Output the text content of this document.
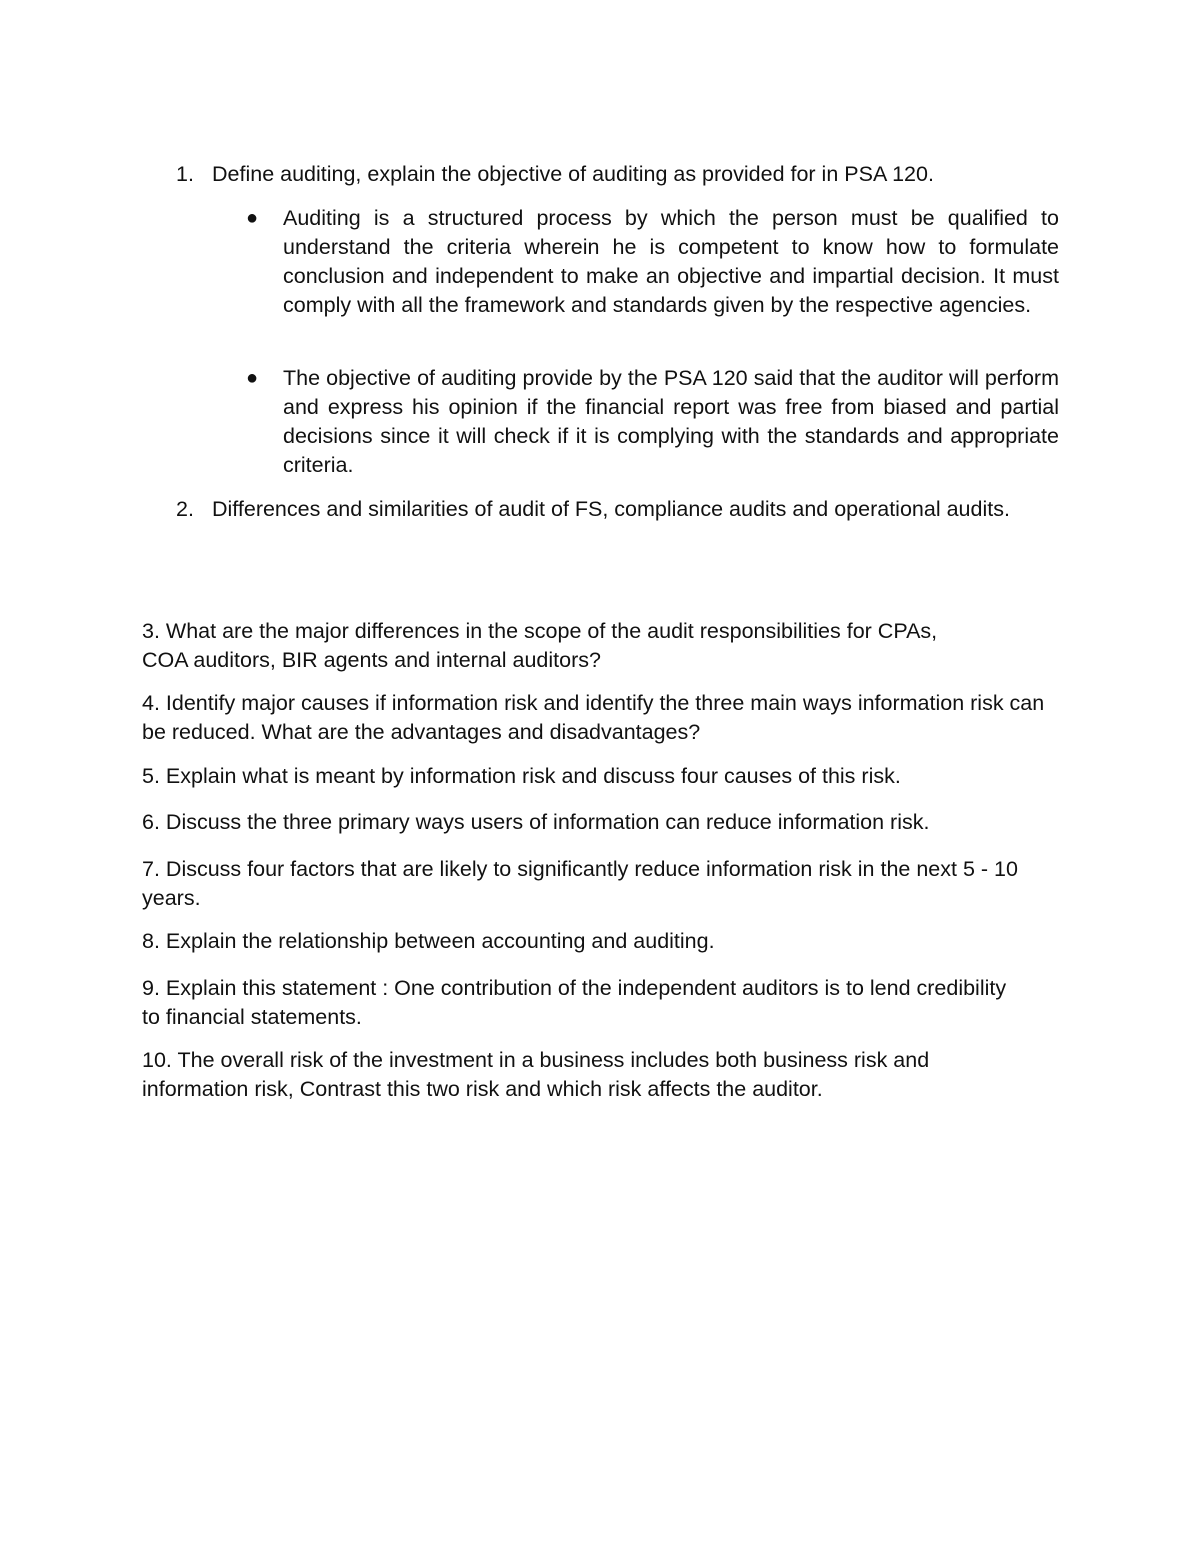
1. Define auditing, explain the objective of auditing as provided for in PSA 120.
● Auditing is a structured process by which the person must be qualified to understand the criteria wherein he is competent to know how to formulate conclusion and independent to make an objective and impartial decision. It must comply with all the framework and standards given by the respective agencies.
● The objective of auditing provide by the PSA 120 said that the auditor will perform and express his opinion if the financial report was free from biased and partial decisions since it will check if it is complying with the standards and appropriate criteria.
2. Differences and similarities of audit of FS, compliance audits and operational audits.
3. What are the major differences in the scope of the audit responsibilities for CPAs, COA auditors, BIR agents and internal auditors?
4. Identify major causes if information risk and identify the three main ways information risk can be reduced. What are the advantages and disadvantages?
5. Explain what is meant by information risk and discuss four causes of this risk.
6. Discuss the three primary ways users of information can reduce information risk.
7. Discuss four factors that are likely to significantly reduce information risk in the next 5 - 10 years.
8. Explain the relationship between accounting and auditing.
9. Explain this statement : One contribution of the independent auditors is to lend credibility to financial statements.
10. The overall risk of the investment in a business includes both business risk and information risk, Contrast this two risk and which risk affects the auditor.
